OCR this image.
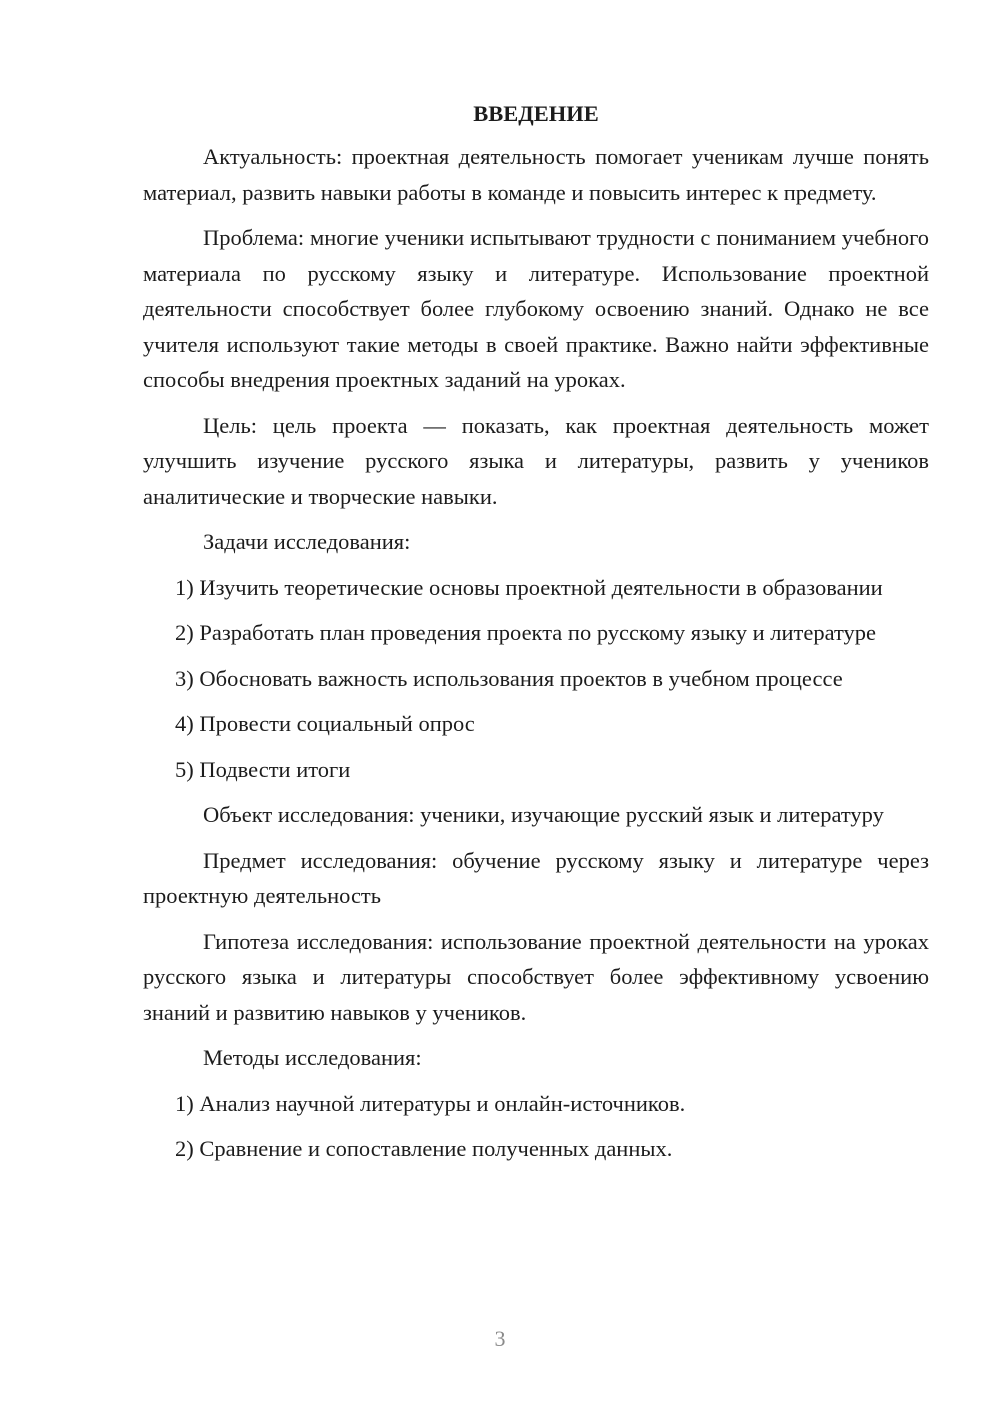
ВВЕДЕНИЕ

Актуальность: проектная деятельность помогает ученикам лучше понять материал, развить навыки работы в команде и повысить интерес к предмету.

Проблема: многие ученики испытывают трудности с пониманием учебного материала по русскому языку и литературе. Использование проектной деятельности способствует более глубокому освоению знаний. Однако не все учителя используют такие методы в своей практике. Важно найти эффективные способы внедрения проектных заданий на уроках.

Цель: цель проекта — показать, как проектная деятельность может улучшить изучение русского языка и литературы, развить у учеников аналитические и творческие навыки.

Задачи исследования:

1) Изучить теоретические основы проектной деятельности в образовании

2) Разработать план проведения проекта по русскому языку и литературе

3) Обосновать важность использования проектов в учебном процессе

4) Провести социальный опрос

5) Подвести итоги

Объект исследования: ученики, изучающие русский язык и литературу

Предмет исследования: обучение русскому языку и литературе через проектную деятельность

Гипотеза исследования: использование проектной деятельности на уроках русского языка и литературы способствует более эффективному усвоению знаний и развитию навыков у учеников.

Методы исследования:

1) Анализ научной литературы и онлайн-источников.

2) Сравнение и сопоставление полученных данных.

3
